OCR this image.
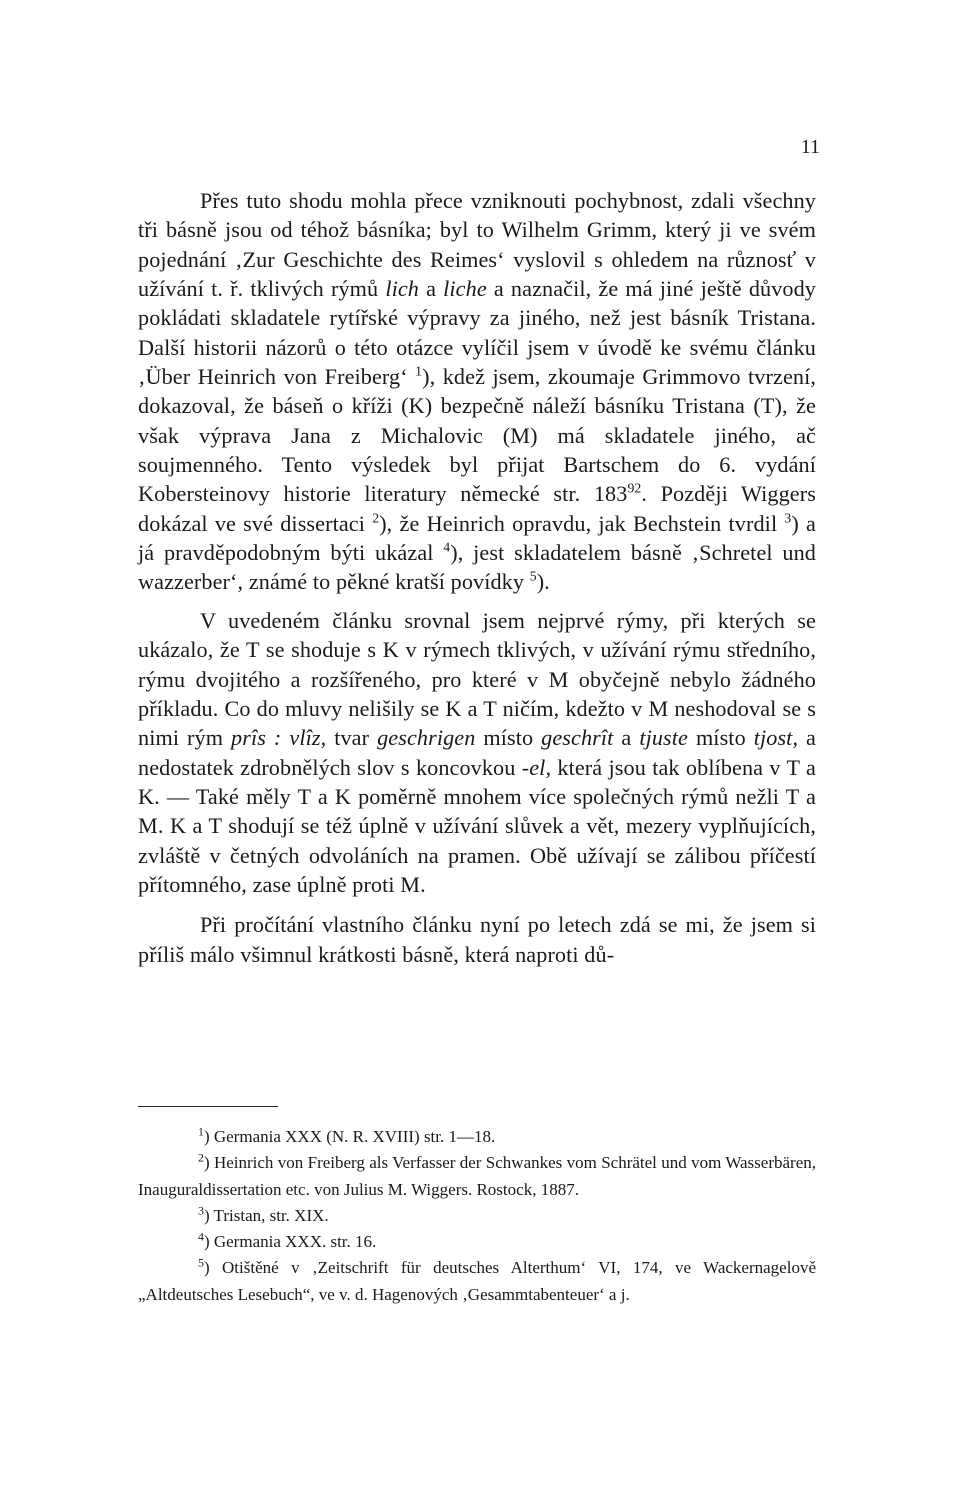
11

Přes tuto shodu mohla přece vzniknouti pochybnost, zdali všechny tři básně jsou od téhož básníka; byl to Wilhelm Grimm, který ji ve svém pojednání ‚Zur Geschichte des Reimes‘ vyslovil s ohledem na různosť v užívání t. ř. tklivých rýmů lich a liche a naznačil, že má jiné ještě důvody pokládati skladatele rytířské výpravy za jiného, než jest básník Tristana. Další historii názorů o této otázce vylíčil jsem v úvodě ke svému článku ‚Über Heinrich von Freiberg‘ $^1$), kdež jsem, zkoumaje Grimmovo tvrzení, dokazoval, že báseň o kříži (K) bezpečně náleží básníku Tristana (T), že však výprava Jana z Michalovic (M) má skladatele jiného, ač soujmenného. Tento výsledek byl přijat Bartschem do 6. vydání Kobersteinovy historie literatury německé str. $183^{92}$. Později Wiggers dokázal ve své dissertaci $^2$), že Heinrich opravdu, jak Bechstein tvrdil $^3$) a já pravděpodobným býti ukázal $^4$), jest skladatelem básně ‚Schretel und wazzerber‘, známé to pěkné kratší povídky $^5$).

V uvedeném článku srovnal jsem nejprvé rýmy, při kterých se ukázalo, že T se shoduje s K v rýmech tklivých, v užívání rýmu středního, rýmu dvojitého a rozšířeného, pro které v M obyčejně nebylo žádného příkladu. Co do mluvy nelišily se K a T ničím, kdežto v M neshodoval se s nimi rým prîs : vlîz, tvar geschrigen místo geschrît a tjuste místo tjost, a nedostatek zdrobnělých slov s koncovkou -el, která jsou tak oblíbena v T a K. — Také měly T a K poměrně mnohem více společných rýmů nežli T a M. K a T shodují se též úplně v užívání slůvek a vět, mezery vyplňujících, zvláště v četných odvoláních na pramen. Obě užívají se zálibou příčestí přítomného, zase úplně proti M.

Při pročítání vlastního článku nyní po letech zdá se mi, že jsem si příliš málo všimnul krátkosti básně, která naproti dů-

$^1$) Germania XXX (N. R. XVIII) str. 1—18.

$^2$) Heinrich von Freiberg als Verfasser der Schwankes vom Schrätel und vom Wasserbären, Inauguraldissertation etc. von Julius M. Wiggers. Rostock, 1887.

$^3$) Tristan, str. XIX.

$^4$) Germania XXX. str. 16.

$^5$) Otištěné v ‚Zeitschrift für deutsches Alterthum‘ VI, 174, ve Wackernagelově „Altdeutsches Lesebuch“, ve v. d. Hagenových ‚Gesammtabenteuer‘ a j.
